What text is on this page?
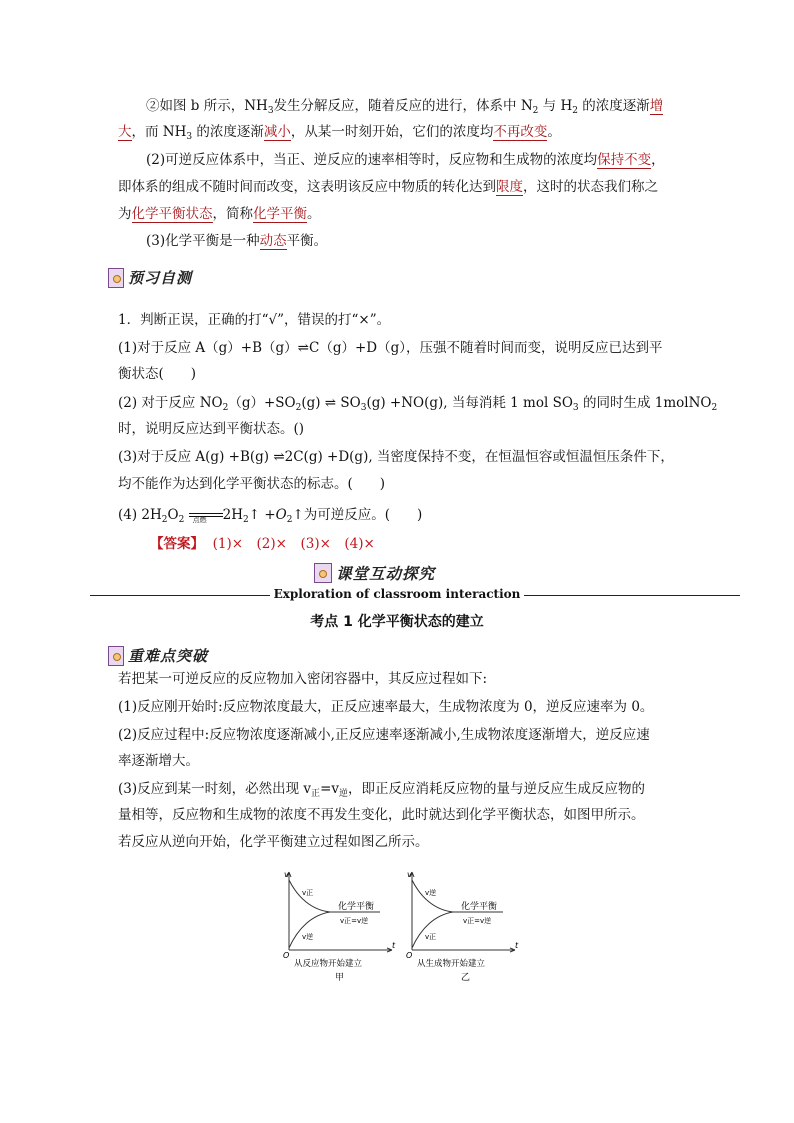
②如图 b 所示，$NH_3$发生分解反应，随着反应的进行，体系中 $N_2$ 与 $H_2$ 的浓度逐渐增
大，而 $NH_3$ 的浓度逐渐减小，从某一时刻开始，它们的浓度均不再改变。
(2)可逆反应体系中，当正、逆反应的速率相等时，反应物和生成物的浓度均保持不变，
即体系的组成不随时间而改变，这表明该反应中物质的转化达到限度，这时的状态我们称之
为化学平衡状态，简称化学平衡。
(3)化学平衡是一种动态平衡。
预习自测
1．判断正误，正确的打“√”，错误的打“×”。
(1)对于反应 A（g）+B（g）⇌C（g）+D（g），压强不随着时间而变，说明反应已达到平
衡状态(　　)
(2) 对于反应 $NO_2(g)+SO_2(g)$ ⇌ $SO_3(g) +NO(g)$, 当每消耗 1 mol $SO_3$ 的同时生成 1molNO$_2$
时，说明反应达到平衡状态。()
(3)对于反应 A(g) +B(g) ⇌2C(g) +D(g), 当密度保持不变，在恒温恒容或恒温恒压条件下，
均不能作为达到化学平衡状态的标志。(　　)
(4) $2H_2O_2$ 点燃 $2H_2↑$ $+O_2↑$为可逆反应。(　　)
【答案】 (1)×　(2)×　(3)×　(4)×
课堂互动探究
Exploration of classroom interaction
考点 1 化学平衡状态的建立
重难点突破
若把某一可逆反应的反应物加入密闭容器中，其反应过程如下:
(1)反应刚开始时:反应物浓度最大，正反应速率最大，生成物浓度为 0，逆反应速率为 0。
(2)反应过程中:反应物浓度逐渐减小,正反应速率逐渐减小,生成物浓度逐渐增大，逆反应速
率逐渐增大。
(3)反应到某一时刻，必然出现 $v_正=v_逆$，即正反应消耗反应物的量与逆反应生成反应物的
量相等，反应物和生成物的浓度不再发生变化，此时就达到化学平衡状态，如图甲所示。
若反应从逆向开始，化学平衡建立过程如图乙所示。
v
t
O
v正
v逆
化学平衡
v正=v逆
从反应物开始建立
甲
v
t
O
v逆
v正
化学平衡
v正=v逆
从生成物开始建立
乙
